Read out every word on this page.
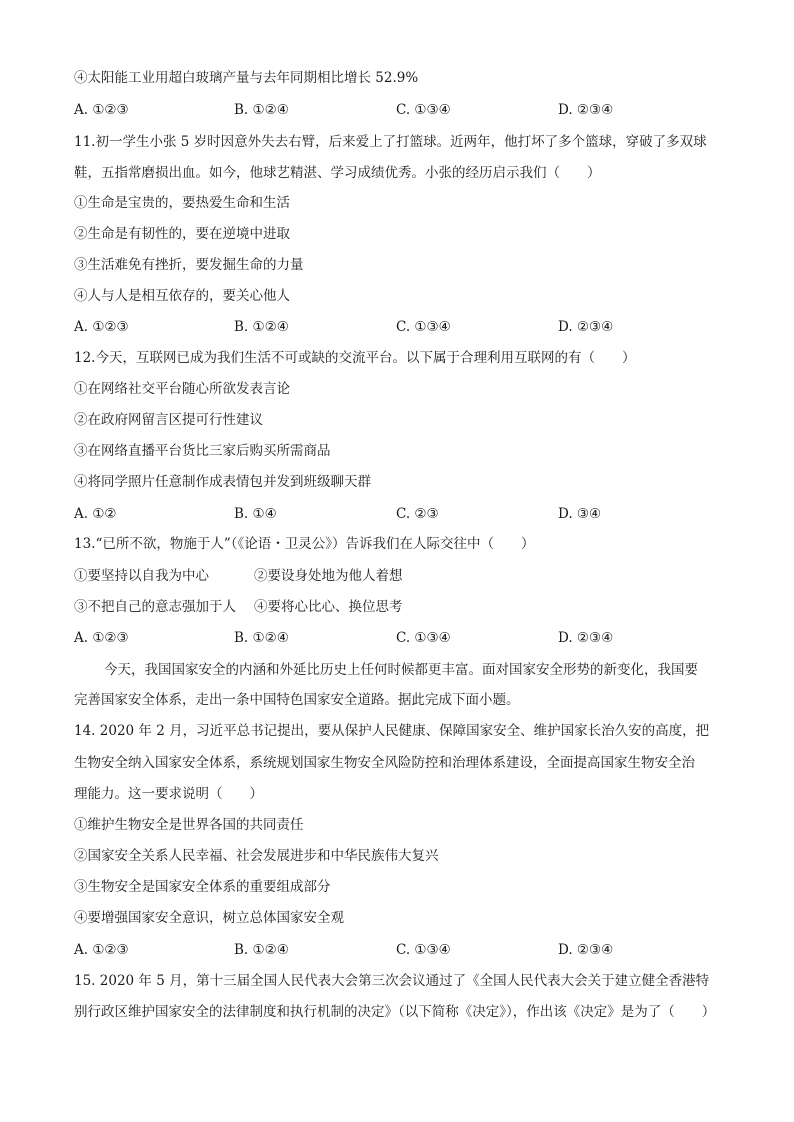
④太阳能工业用超白玻璃产量与去年同期相比增长 52.9%
A. ①②③	B. ①②④	C. ①③④	D. ②③④
11.初一学生小张 5 岁时因意外失去右臂，后来爱上了打篮球。近两年，他打坏了多个篮球，穿破了多双球
鞋，五指常磨损出血。如今，他球艺精湛、学习成绩优秀。小张的经历启示我们（　　）
①生命是宝贵的，要热爱生命和生活
②生命是有韧性的，要在逆境中进取
③生活难免有挫折，要发掘生命的力量
④人与人是相互依存的，要关心他人
A. ①②③	B. ①②④	C. ①③④	D. ②③④
12.今天，互联网已成为我们生活不可或缺的交流平台。以下属于合理利用互联网的有（　　）
①在网络社交平台随心所欲发表言论
②在政府网留言区提可行性建议
③在网络直播平台货比三家后购买所需商品
④将同学照片任意制作成表情包并发到班级聊天群
A. ①②	B. ①④	C. ②③	D. ③④
13.“已所不欲，物施于人”（《论语・卫灵公》）告诉我们在人际交往中（　　）
①要坚持以自我为中心	②要设身处地为他人着想
③不把自己的意志强加于人 ④要将心比心、换位思考
A. ①②③	B. ①②④	C. ①③④	D. ②③④
今天，我国国家安全的内涵和外延比历史上任何时候都更丰富。面对国家安全形势的新变化，我国要
完善国家安全体系，走出一条中国特色国家安全道路。据此完成下面小题。
14. 2020 年 2 月，习近平总书记提出，要从保护人民健康、保障国家安全、维护国家长治久安的高度，把
生物安全纳入国家安全体系，系统规划国家生物安全风险防控和治理体系建设，全面提高国家生物安全治
理能力。这一要求说明（　　）
①维护生物安全是世界各国的共同责任
②国家安全关系人民幸福、社会发展进步和中华民族伟大复兴
③生物安全是国家安全体系的重要组成部分
④要增强国家安全意识，树立总体国家安全观
A. ①②③	B. ①②④	C. ①③④	D. ②③④
15. 2020 年 5 月，第十三届全国人民代表大会第三次会议通过了《全国人民代表大会关于建立健全香港特
别行政区维护国家安全的法律制度和执行机制的决定》（以下简称《决定》），作出该《决定》是为了（　　）
